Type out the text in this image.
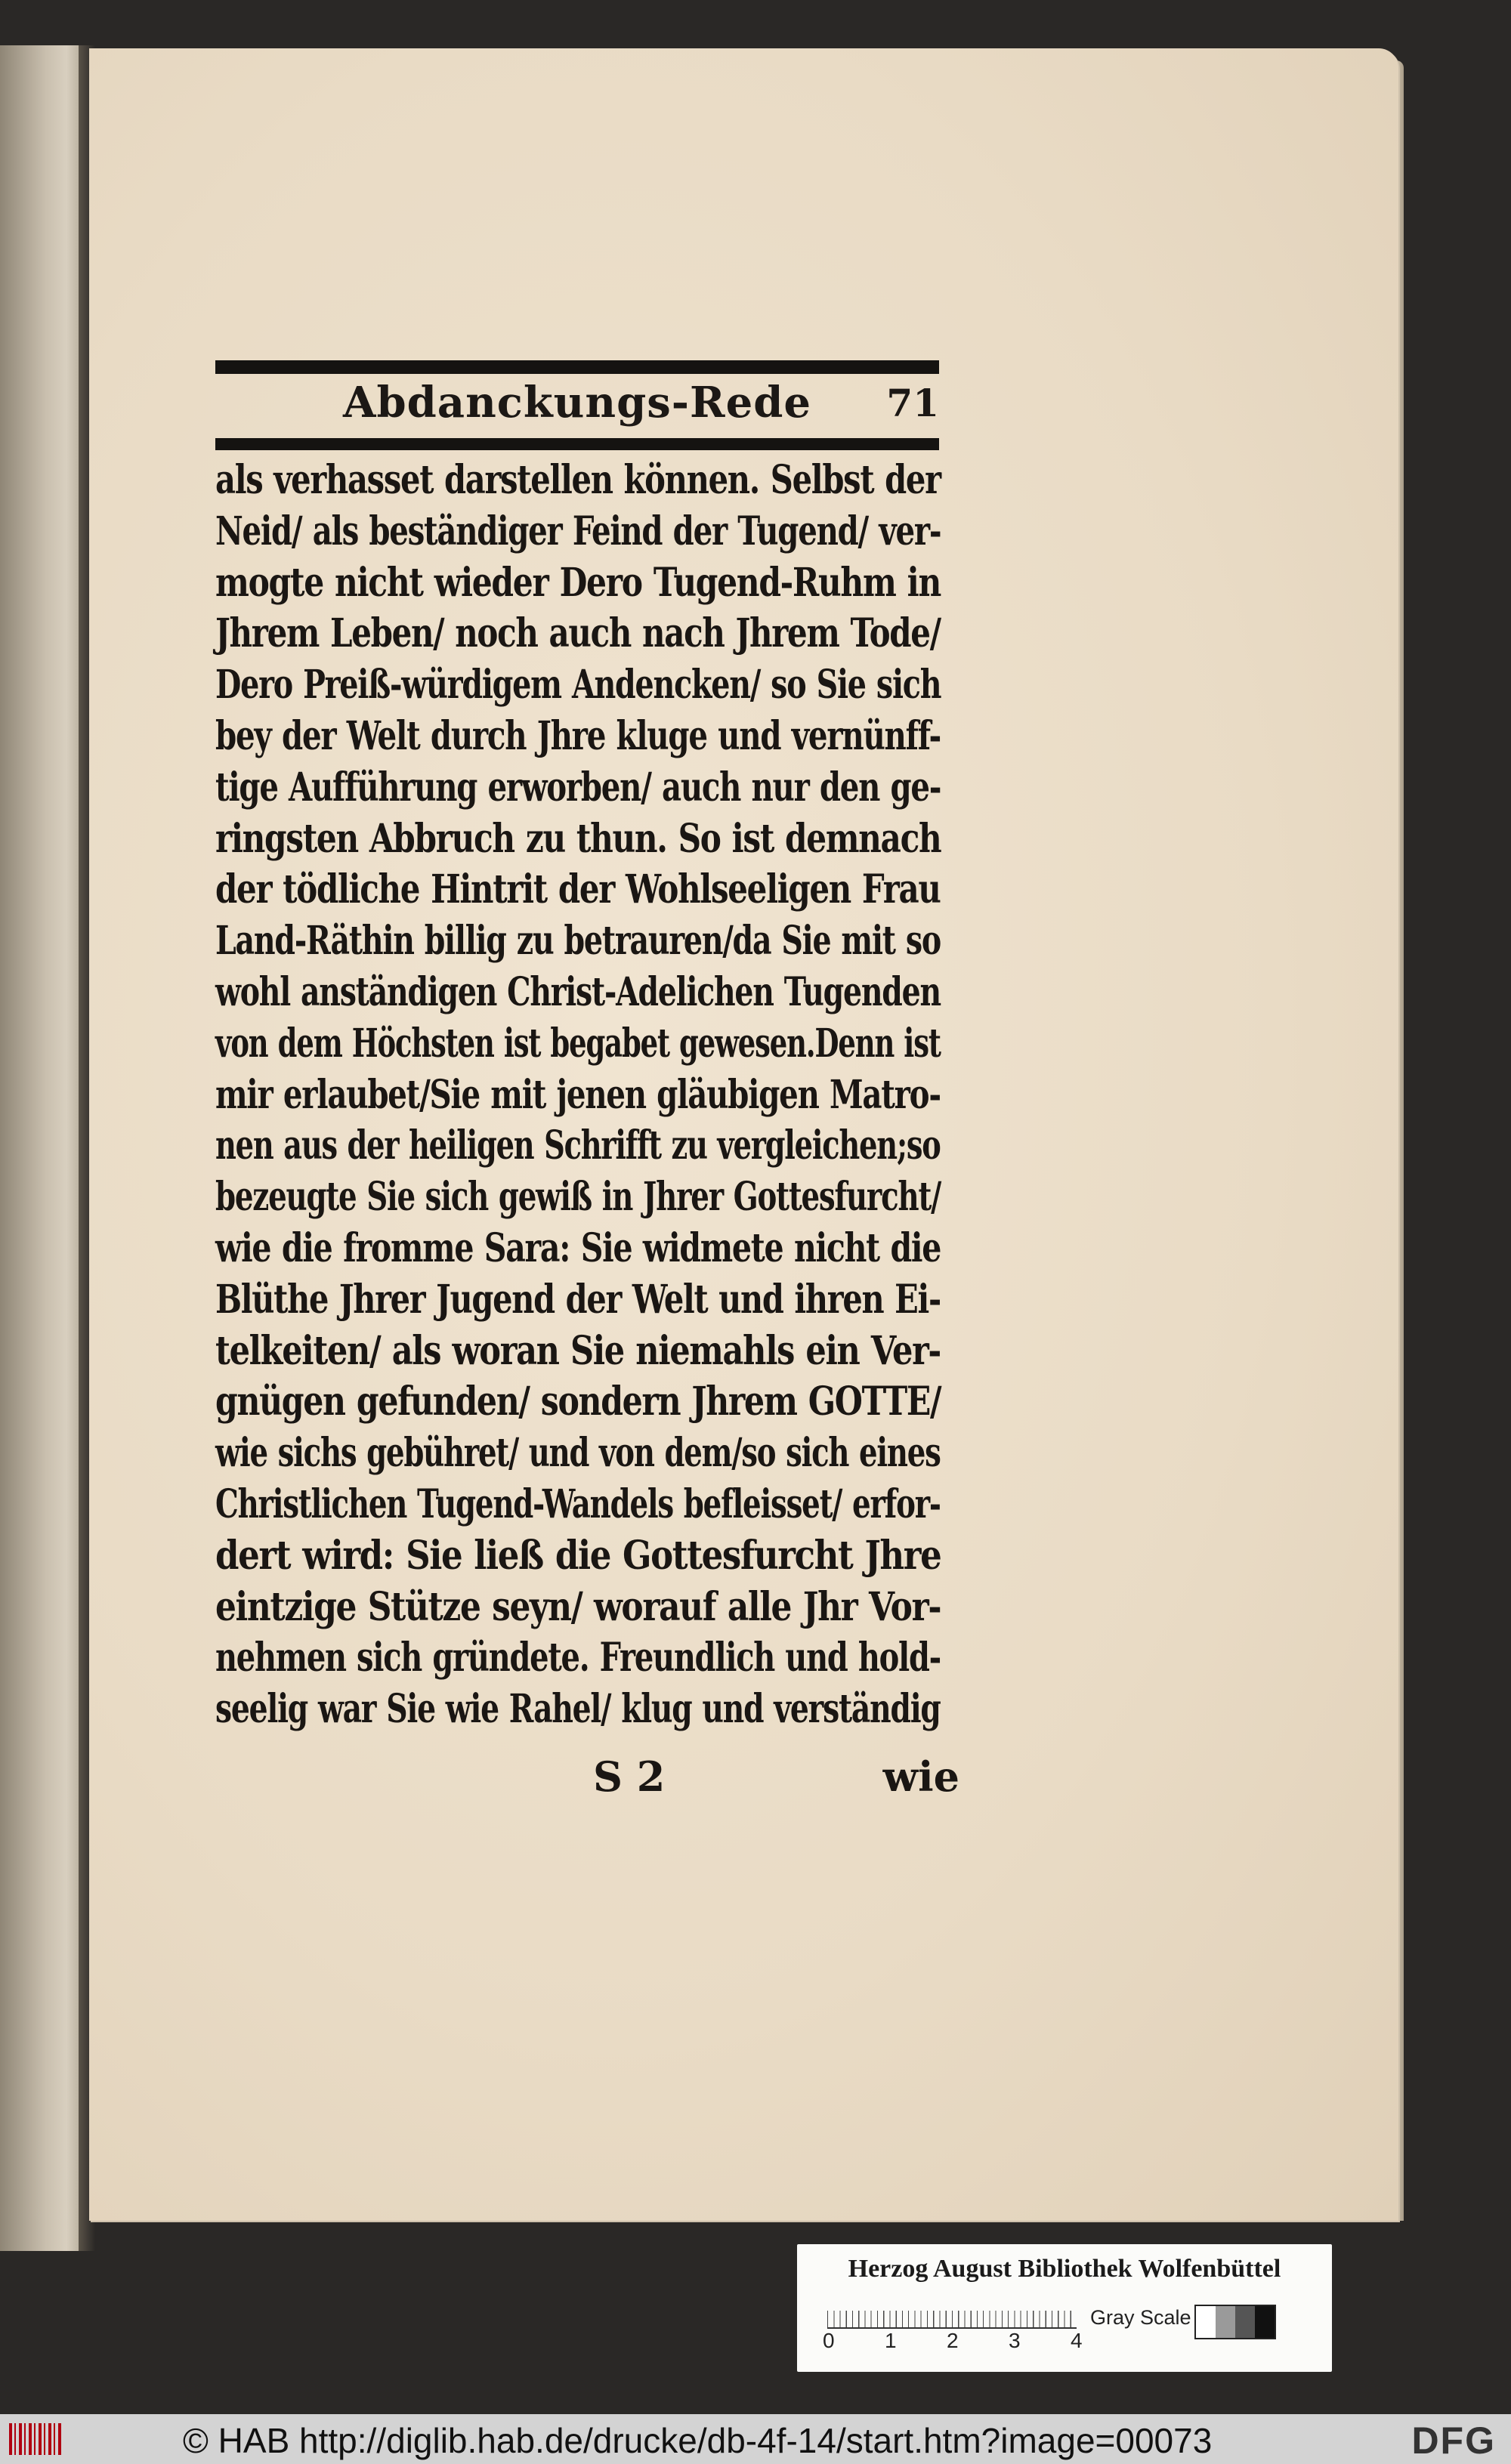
Abdanckungs-Rede	71
als verhasset darstellen können. Selbst der
Neid/ als beständiger Feind der Tugend/ ver-
mogte nicht wieder Dero Tugend-Ruhm in
Jhrem Leben/ noch auch nach Jhrem Tode/
Dero Preiß-würdigem Andencken/ so Sie sich
bey der Welt durch Jhre kluge und vernünff-
tige Aufführung erworben/ auch nur den ge-
ringsten Abbruch zu thun. So ist demnach
der tödliche Hintrit der Wohlseeligen Frau
Land-Räthin billig zu betrauren/da Sie mit so
wohl anständigen Christ-Adelichen Tugenden
von dem Höchsten ist begabet gewesen.Denn ist
mir erlaubet/Sie mit jenen gläubigen Matro-
nen aus der heiligen Schrifft zu vergleichen;so
bezeugte Sie sich gewiß in Jhrer Gottesfurcht/
wie die fromme Sara: Sie widmete nicht die
Blüthe Jhrer Jugend der Welt und ihren Ei-
telkeiten/ als woran Sie niemahls ein Ver-
gnügen gefunden/ sondern Jhrem GOTTE/
wie sichs gebühret/ und von dem/so sich eines
Christlichen Tugend-Wandels befleisset/ erfor-
dert wird: Sie ließ die Gottesfurcht Jhre
eintzige Stütze seyn/ worauf alle Jhr Vor-
nehmen sich gründete. Freundlich und hold-
seelig war Sie wie Rahel/ klug und verständig
S 2	wie
Herzog August Bibliothek Wolfenbüttel
0 1 2 3 4
Gray Scale
© HAB http://diglib.hab.de/drucke/db-4f-14/start.htm?image=00073	DFG
